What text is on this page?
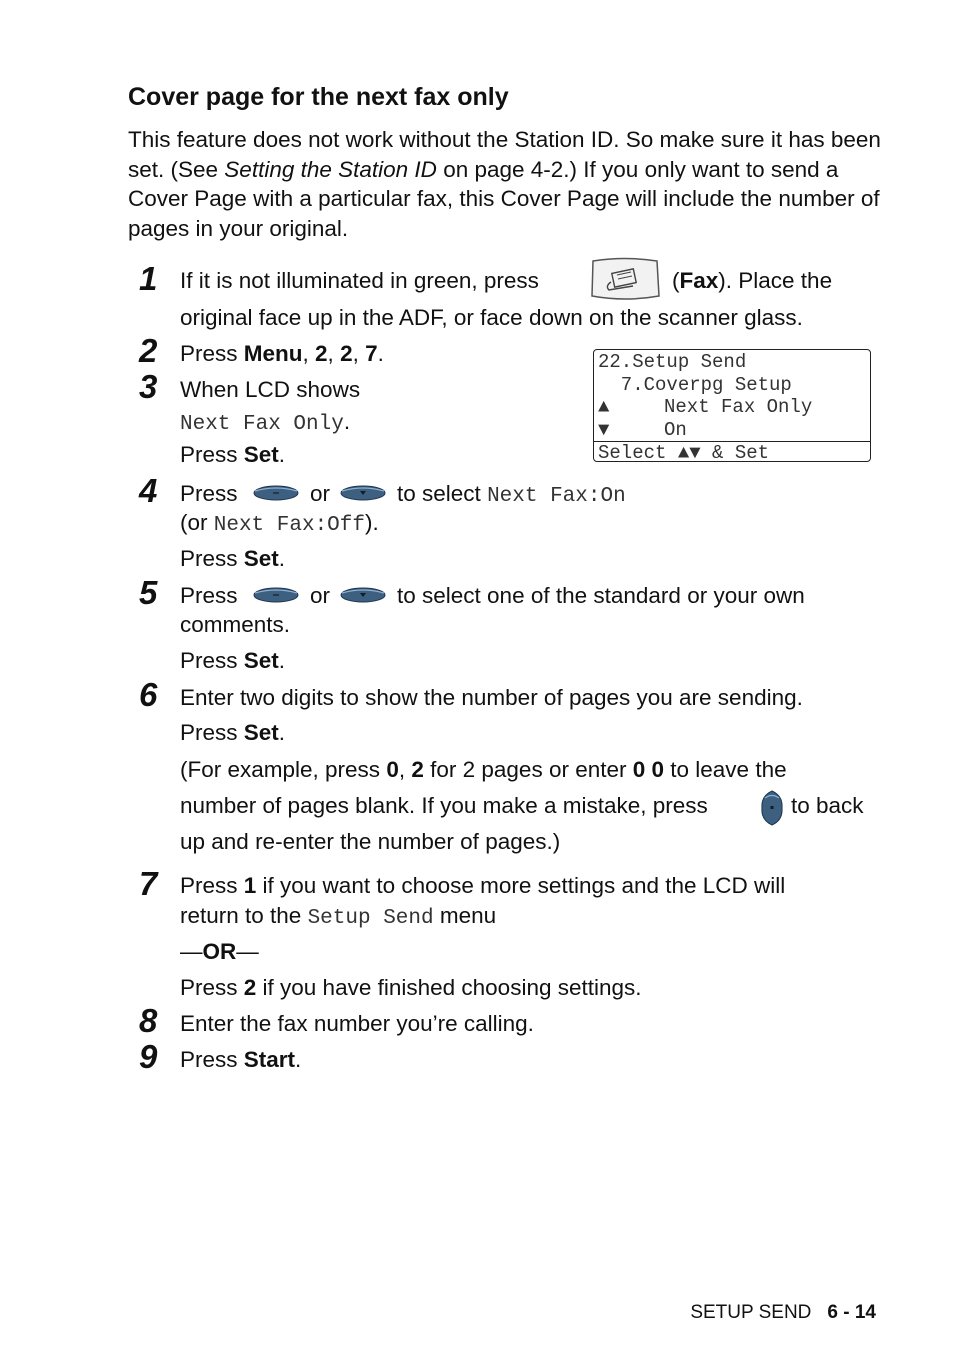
Cover page for the next fax only
This feature does not work without the Station ID. So make sure it has been set. (See Setting the Station ID on page 4-2.) If you only want to send a Cover Page with a particular fax, this Cover Page will include the number of pages in your original.
1 If it is not illuminated in green, press	(Fax). Place the
original face up in the ADF, or face down on the scanner glass.
2 Press Menu, 2, 2, 7.
3 When LCD shows
Next Fax Only.
Press Set.
22.Setup Send
7.Coverpg Setup
▲	Next Fax Only
▼	On
Select ▲▼ & Set
4 Press	or	to select Next Fax:On
(or Next Fax:Off).
Press Set.
5 Press	or	to select one of the standard or your own
comments.
Press Set.
6 Enter two digits to show the number of pages you are sending.
Press Set.
(For example, press 0, 2 for 2 pages or enter 0 0 to leave the
number of pages blank. If you make a mistake, press	to back
up and re-enter the number of pages.)
7 Press 1 if you want to choose more settings and the LCD will
return to the Setup Send menu
—OR—
Press 2 if you have finished choosing settings.
8 Enter the fax number you’re calling.
9 Press Start.
SETUP SEND 6 - 14
